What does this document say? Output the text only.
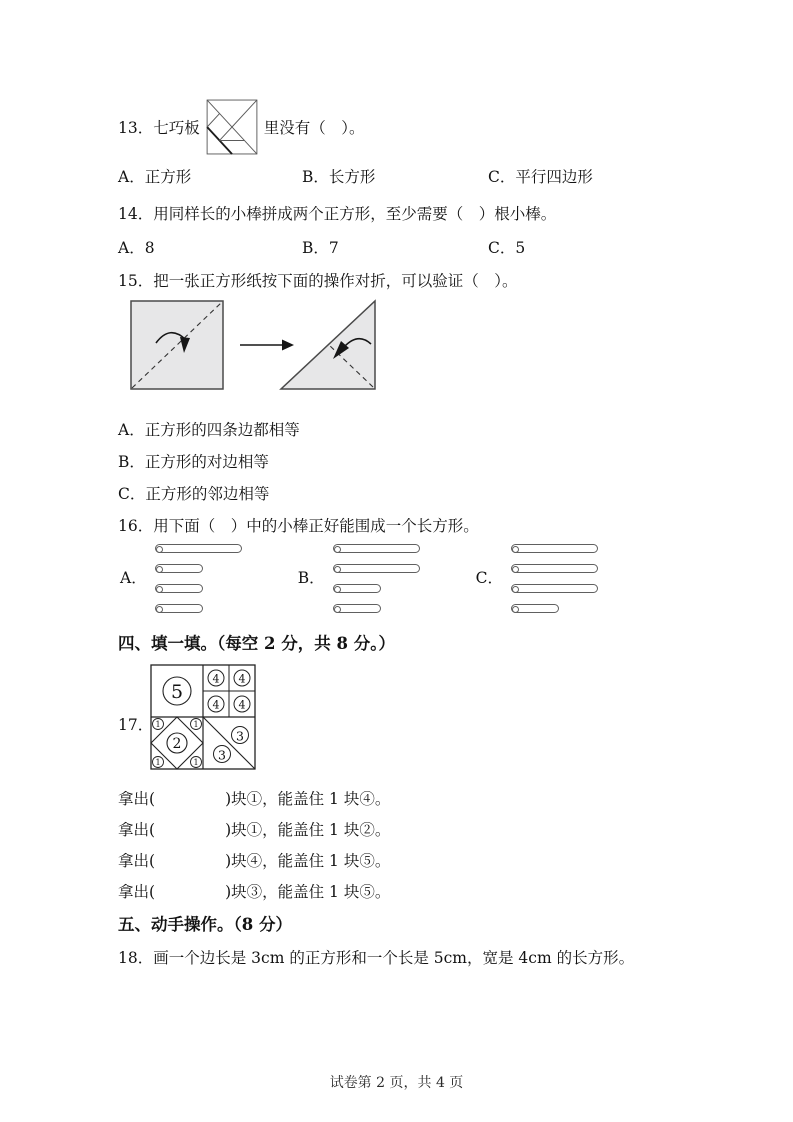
13． 七巧板	里没有（　）。
A．正方形	B．长方形	C．平行四边形
14．用同样长的小棒拼成两个正方形，至少需要（　）根小棒。
A．8	B．7	C．5
15．把一张正方形纸按下面的操作对折，可以验证（　）。
A．正方形的四条边都相等
B．正方形的对边相等
C．正方形的邻边相等
16．用下面（　）中的小棒正好能围成一个长方形。
A．	B．	C．
四、填一填。（每空 2 分，共 8 分。）
17．
5
4 4
4 4
2
1	1
1	1
3
3
拿出(	)块①，能盖住 1 块④。
拿出(	)块①，能盖住 1 块②。
拿出(	)块④，能盖住 1 块⑤。
拿出(	)块③，能盖住 1 块⑤。
五、动手操作。（8 分）
18．画一个边长是 3cm 的正方形和一个长是 5cm，宽是 4cm 的长方形。
试卷第 2 页，共 4 页
